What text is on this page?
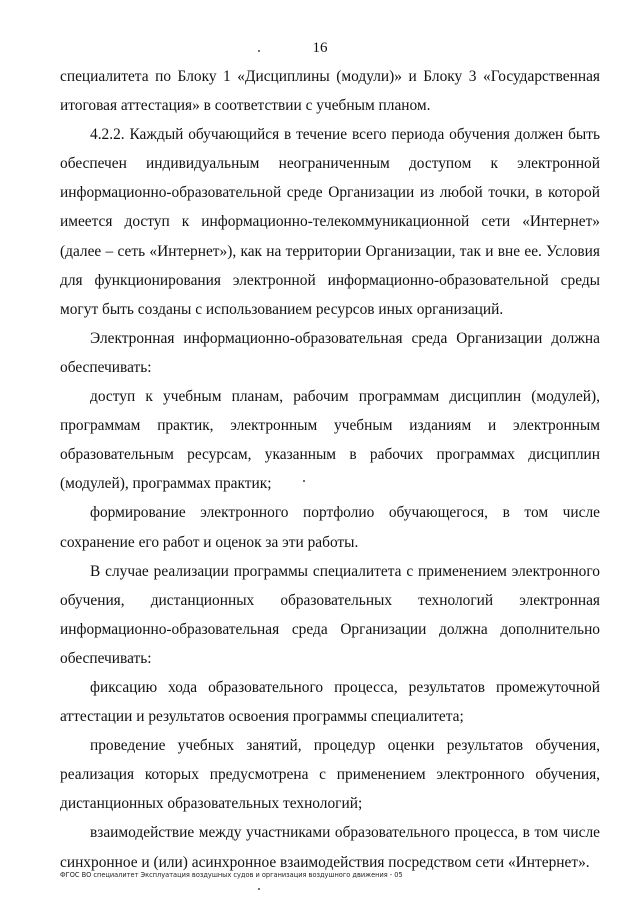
16

специалитета по Блоку 1 «Дисциплины (модули)» и Блоку 3 «Государственная итоговая аттестация» в соответствии с учебным планом.

4.2.2. Каждый обучающийся в течение всего периода обучения должен быть обеспечен индивидуальным неограниченным доступом к электронной информационно-образовательной среде Организации из любой точки, в которой имеется доступ к информационно-телекоммуникационной сети «Интернет» (далее – сеть «Интернет»), как на территории Организации, так и вне ее. Условия для функционирования электронной информационно-образовательной среды могут быть созданы с использованием ресурсов иных организаций.

Электронная информационно-образовательная среда Организации должна обеспечивать:

доступ к учебным планам, рабочим программам дисциплин (модулей), программам практик, электронным учебным изданиям и электронным образовательным ресурсам, указанным в рабочих программах дисциплин (модулей), программах практик;

формирование электронного портфолио обучающегося, в том числе сохранение его работ и оценок за эти работы.

В случае реализации программы специалитета с применением электронного обучения, дистанционных образовательных технологий электронная информационно-образовательная среда Организации должна дополнительно обеспечивать:

фиксацию хода образовательного процесса, результатов промежуточной аттестации и результатов освоения программы специалитета;

проведение учебных занятий, процедур оценки результатов обучения, реализация которых предусмотрена с применением электронного обучения, дистанционных образовательных технологий;

взаимодействие между участниками образовательного процесса, в том числе синхронное и (или) асинхронное взаимодействия посредством сети «Интернет».

ФГОС ВО специалитет Эксплуатация воздушных судов и организация воздушного движения - 05
